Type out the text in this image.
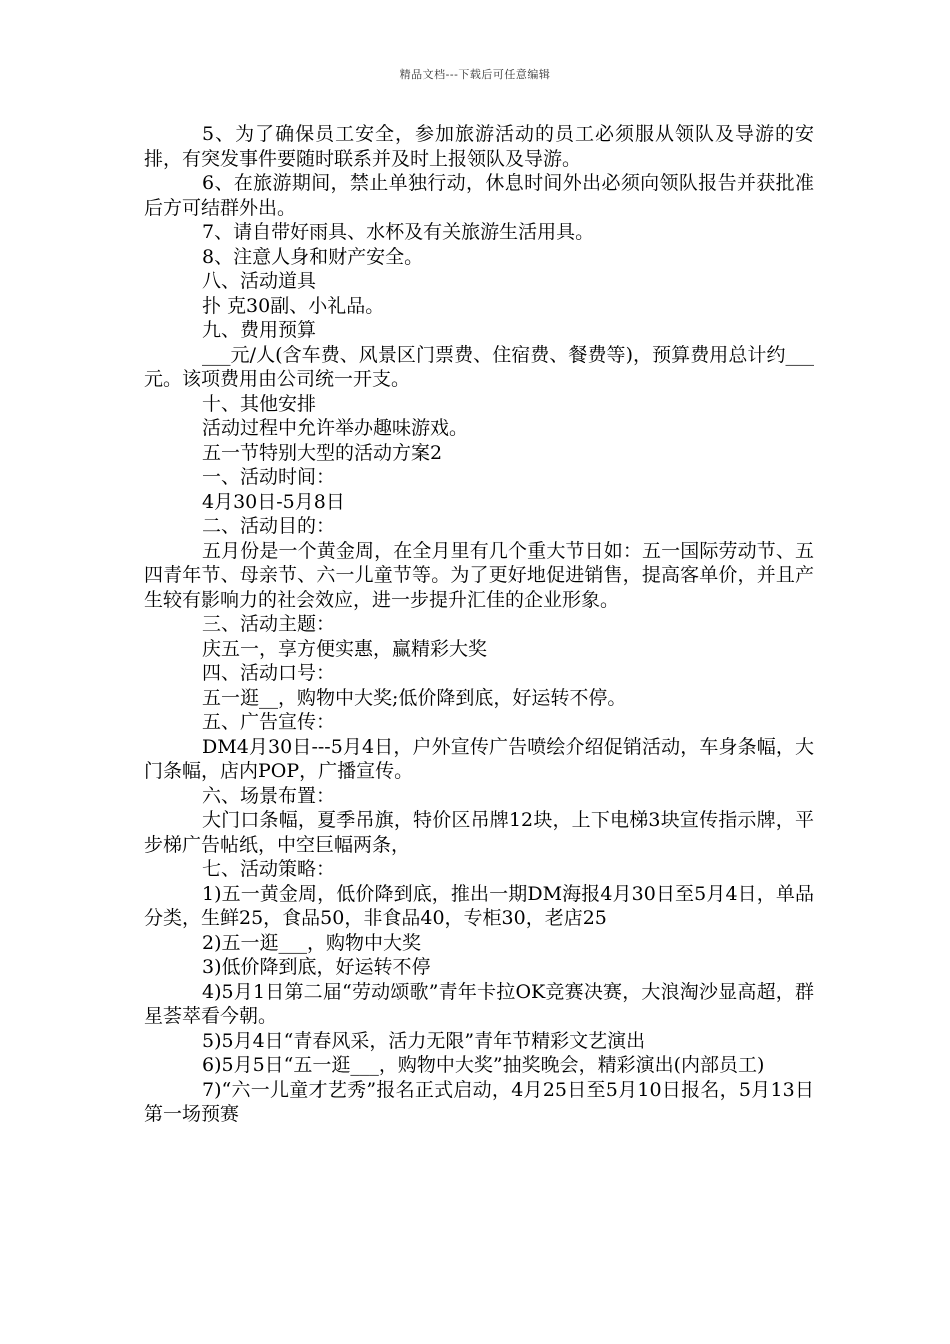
精品文档---下载后可任意编辑

5、为了确保员工安全，参加旅游活动的员工必须服从领队及导游的安排，有突发事件要随时联系并及时上报领队及导游。

6、在旅游期间，禁止单独行动，休息时间外出必须向领队报告并获批准后方可结群外出。

7、请自带好雨具、水杯及有关旅游生活用具。

8、注意人身和财产安全。

八、活动道具

扑 克30副、小礼品。

九、费用预算

___元/人(含车费、风景区门票费、住宿费、餐费等)，预算费用总计约___元。该项费用由公司统一开支。

十、其他安排

活动过程中允许举办趣味游戏。

五一节特别大型的活动方案2

一、活动时间：

4月30日-5月8日

二、活动目的：

五月份是一个黄金周，在全月里有几个重大节日如：五一国际劳动节、五四青年节、母亲节、六一儿童节等。为了更好地促进销售，提高客单价，并且产生较有影响力的社会效应，进一步提升汇佳的企业形象。

三、活动主题：

庆五一，享方便实惠，赢精彩大奖

四、活动口号：

五一逛__，购物中大奖;低价降到底，好运转不停。

五、广告宣传：

DM4月30日---5月4日，户外宣传广告喷绘介绍促销活动，车身条幅，大门条幅，店内POP，广播宣传。

六、场景布置：

大门口条幅，夏季吊旗，特价区吊牌12块，上下电梯3块宣传指示牌，平步梯广告帖纸，中空巨幅两条，

七、活动策略：

1)五一黄金周，低价降到底，推出一期DM海报4月30日至5月4日，单品分类，生鲜25，食品50，非食品40，专柜30，老店25

2)五一逛___，购物中大奖

3)低价降到底，好运转不停

4)5月1日第二届“劳动颂歌”青年卡拉OK竞赛决赛，大浪淘沙显高超，群星荟萃看今朝。

5)5月4日“青春风采，活力无限”青年节精彩文艺演出

6)5月5日“五一逛___，购物中大奖”抽奖晚会，精彩演出(内部员工)

7)“六一儿童才艺秀”报名正式启动，4月25日至5月10日报名，5月13日第一场预赛
